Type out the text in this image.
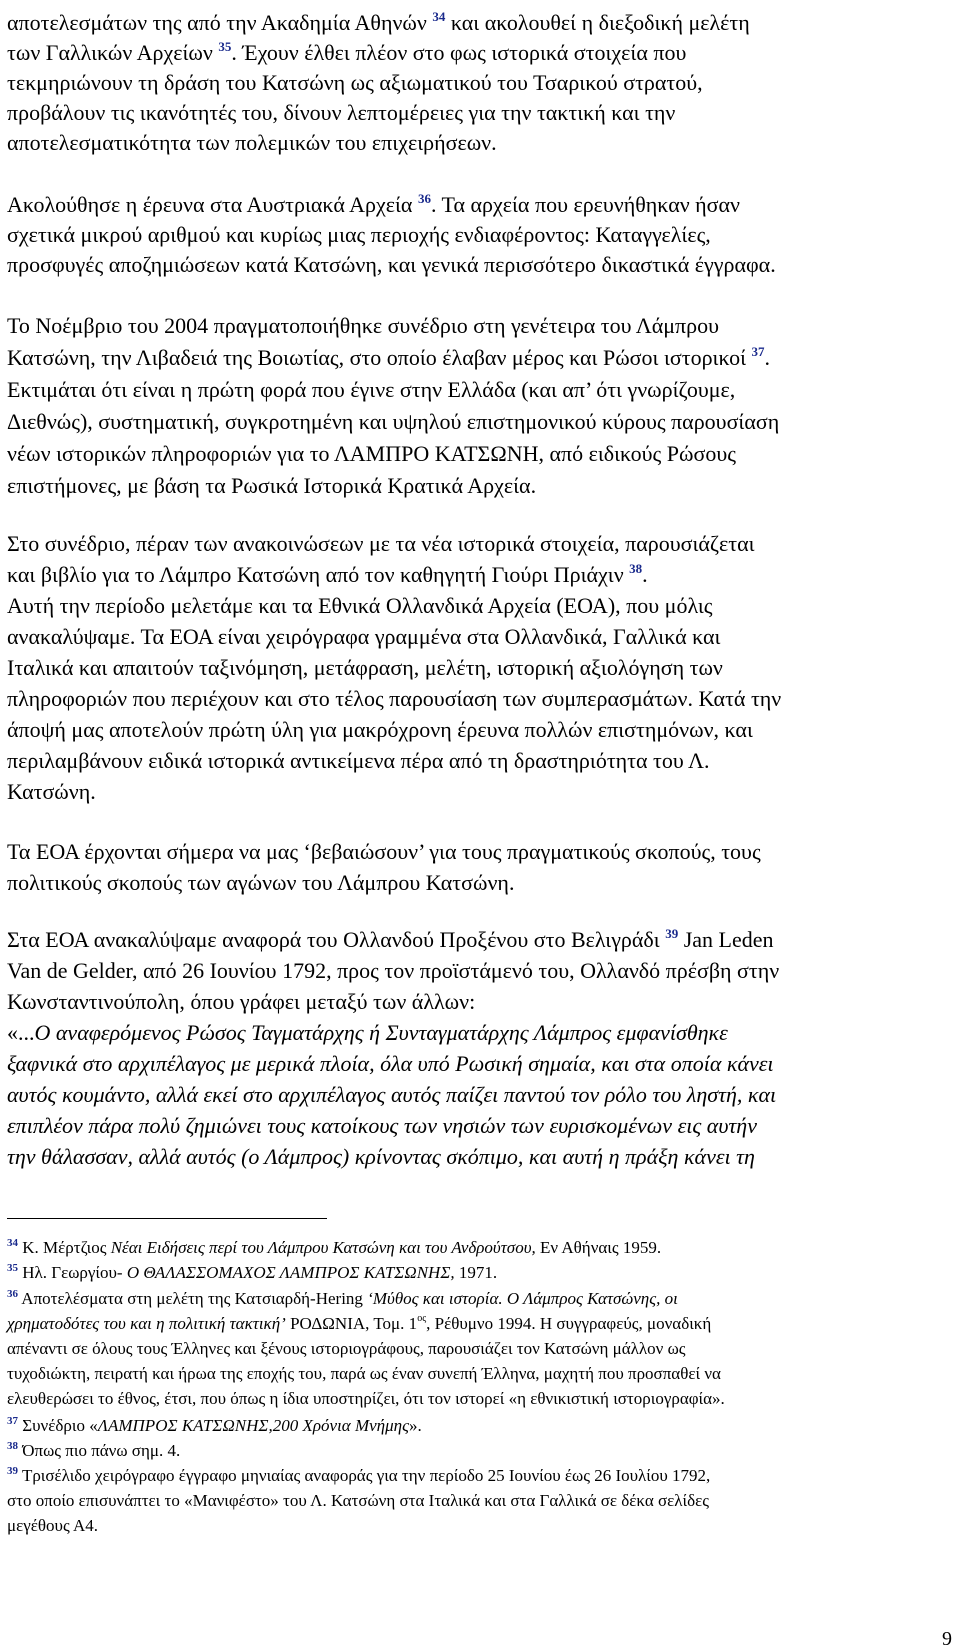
αποτελεσμάτων της από την Ακαδημία Αθηνών $^{34}$ και ακολουθεί η διεξοδική μελέτη
των Γαλλικών Αρχείων $^{35}$. Έχουν έλθει πλέον στο φως ιστορικά στοιχεία που
τεκμηριώνουν τη δράση του Κατσώνη ως αξιωματικού του Τσαρικού στρατού,
προβάλουν τις ικανότητές του, δίνουν λεπτομέρειες για την τακτική και την
αποτελεσματικότητα των πολεμικών του επιχειρήσεων.
Ακολούθησε η έρευνα στα Αυστριακά Αρχεία $^{36}$. Τα αρχεία που ερευνήθηκαν ήσαν
σχετικά μικρού αριθμού και κυρίως μιας περιοχής ενδιαφέροντος: Καταγγελίες,
προσφυγές αποζημιώσεων κατά Κατσώνη, και γενικά περισσότερο δικαστικά έγγραφα.
Το Νοέμβριο του 2004 πραγματοποιήθηκε συνέδριο στη γενέτειρα του Λάμπρου
Κατσώνη, την Λιβαδειά της Βοιωτίας, στο οποίο έλαβαν μέρος και Ρώσοι ιστορικοί $^{37}$.
Εκτιμάται ότι είναι η πρώτη φορά που έγινε στην Ελλάδα (και απ’ ότι γνωρίζουμε,
Διεθνώς), συστηματική, συγκροτημένη και υψηλού επιστημονικού κύρους παρουσίαση
νέων ιστορικών πληροφοριών για το ΛΑΜΠΡΟ ΚΑΤΣΩΝΗ, από ειδικούς Ρώσους
επιστήμονες, με βάση τα Ρωσικά Ιστορικά Κρατικά Αρχεία.
Στο συνέδριο, πέραν των ανακοινώσεων με τα νέα ιστορικά στοιχεία, παρουσιάζεται
και βιβλίο για το Λάμπρο Κατσώνη από τον καθηγητή Γιούρι Πριάχιν $^{38}$.
Αυτή την περίοδο μελετάμε και τα Εθνικά Ολλανδικά Αρχεία (ΕΟΑ), που μόλις
ανακαλύψαμε. Τα ΕΟΑ είναι χειρόγραφα γραμμένα στα Ολλανδικά, Γαλλικά και
Ιταλικά και απαιτούν ταξινόμηση, μετάφραση, μελέτη, ιστορική αξιολόγηση των
πληροφοριών που περιέχουν και στο τέλος παρουσίαση των συμπερασμάτων. Κατά την
άποψή μας αποτελούν πρώτη ύλη για μακρόχρονη έρευνα πολλών επιστημόνων, και
περιλαμβάνουν ειδικά ιστορικά αντικείμενα πέρα από τη δραστηριότητα του Λ.
Κατσώνη.
Τα ΕΟΑ έρχονται σήμερα να μας ‘βεβαιώσουν’ για τους πραγματικούς σκοπούς, τους
πολιτικούς σκοπούς των αγώνων του Λάμπρου Κατσώνη.
Στα ΕΟΑ ανακαλύψαμε αναφορά του Ολλανδού Προξένου στο Βελιγράδι $^{39}$ Jan Leden
Van de Gelder, από 26 Ιουνίου 1792, προς τον προϊστάμενό του, Ολλανδό πρέσβη στην
Κωνσταντινούπολη, όπου γράφει μεταξύ των άλλων:
«...Ο αναφερόμενος Ρώσος Ταγματάρχης ή Συνταγματάρχης Λάμπρος εμφανίσθηκε
ξαφνικά στο αρχιπέλαγος με μερικά πλοία, όλα υπό Ρωσική σημαία, και στα οποία κάνει
αυτός κουμάντο, αλλά εκεί στο αρχιπέλαγος αυτός παίζει παντού τον ρόλο του ληστή, και
επιπλέον πάρα πολύ ζημιώνει τους κατοίκους των νησιών των ευρισκομένων εις αυτήν
την θάλασσαν, αλλά αυτός (ο Λάμπρος) κρίνοντας σκόπιμο, και αυτή η πράξη κάνει τη
$^{34}$ Κ. Μέρτζιος Νέαι Ειδήσεις περί του Λάμπρου Κατσώνη και του Ανδρούτσου, Εν Αθήναις 1959.
$^{35}$ Ηλ. Γεωργίου- Ο ΘΑΛΑΣΣΟΜΑΧΟΣ ΛΑΜΠΡΟΣ ΚΑΤΣΩΝΗΣ, 1971.
$^{36}$ Αποτελέσματα στη μελέτη της Κατσιαρδή-Hering ‘Μύθος και ιστορία. Ο Λάμπρος Κατσώνης, οι
χρηματοδότες του και η πολιτική τακτική’ ΡΟΔΩΝΙΑ, Τομ. $1^{o\varsigma}$, Ρέθυμνο 1994. Η συγγραφεύς, μοναδική
απέναντι σε όλους τους Έλληνες και ξένους ιστοριογράφους, παρουσιάζει τον Κατσώνη μάλλον ως
τυχοδιώκτη, πειρατή και ήρωα της εποχής του, παρά ως έναν συνεπή Έλληνα, μαχητή που προσπαθεί να
ελευθερώσει το έθνος, έτσι, που όπως η ίδια υποστηρίζει, ότι τον ιστορεί «η εθνικιστική ιστοριογραφία».
$^{37}$ Συνέδριο «ΛΑΜΠΡΟΣ ΚΑΤΣΩΝΗΣ,200 Χρόνια Μνήμης».
$^{38}$ Όπως πιο πάνω σημ. 4.
$^{39}$ Τρισέλιδο χειρόγραφο έγγραφο μηνιαίας αναφοράς για την περίοδο 25 Ιουνίου έως 26 Ιουλίου 1792,
στο οποίο επισυνάπτει το «Μανιφέστο» του Λ. Κατσώνη στα Ιταλικά και στα Γαλλικά σε δέκα σελίδες
μεγέθους Α4.
9
